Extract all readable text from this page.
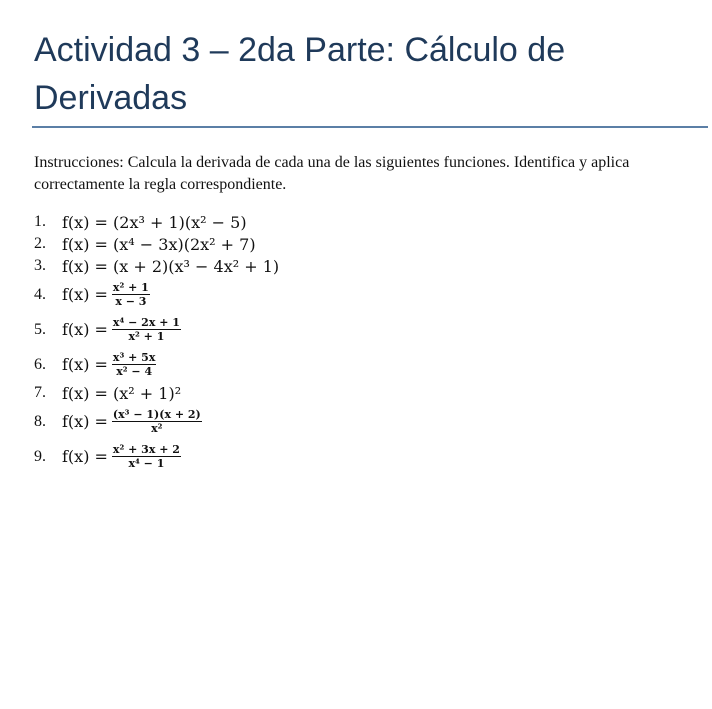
Actividad 3 – 2da Parte: Cálculo de Derivadas
Instrucciones: Calcula la derivada de cada una de las siguientes funciones. Identifica y aplica correctamente la regla correspondiente.
1.	f(x) = (2x³ + 1)(x² − 5)
2.	f(x) = (x⁴ − 3x)(2x² + 7)
3.	f(x) = (x + 2)(x³ − 4x² + 1)
4.	$f(x) = \frac{\text{x² + 1}}{x - 3}$
5.	$f(x) = \frac{\text{x⁴ − 2x + 1}}{\text{x² + 1}}$
6.	$f(x) = \frac{\text{x³ + 5x}}{\text{x² − 4}}$
7.	f(x) = (x² + 1)²
8.	$f(x) = \frac{\text{(x³ − 1)(x + 2)}}{\text{x²}}$
9.	$f(x) = \frac{\text{x² + 3x + 2}}{\text{x⁴ − 1}}$
